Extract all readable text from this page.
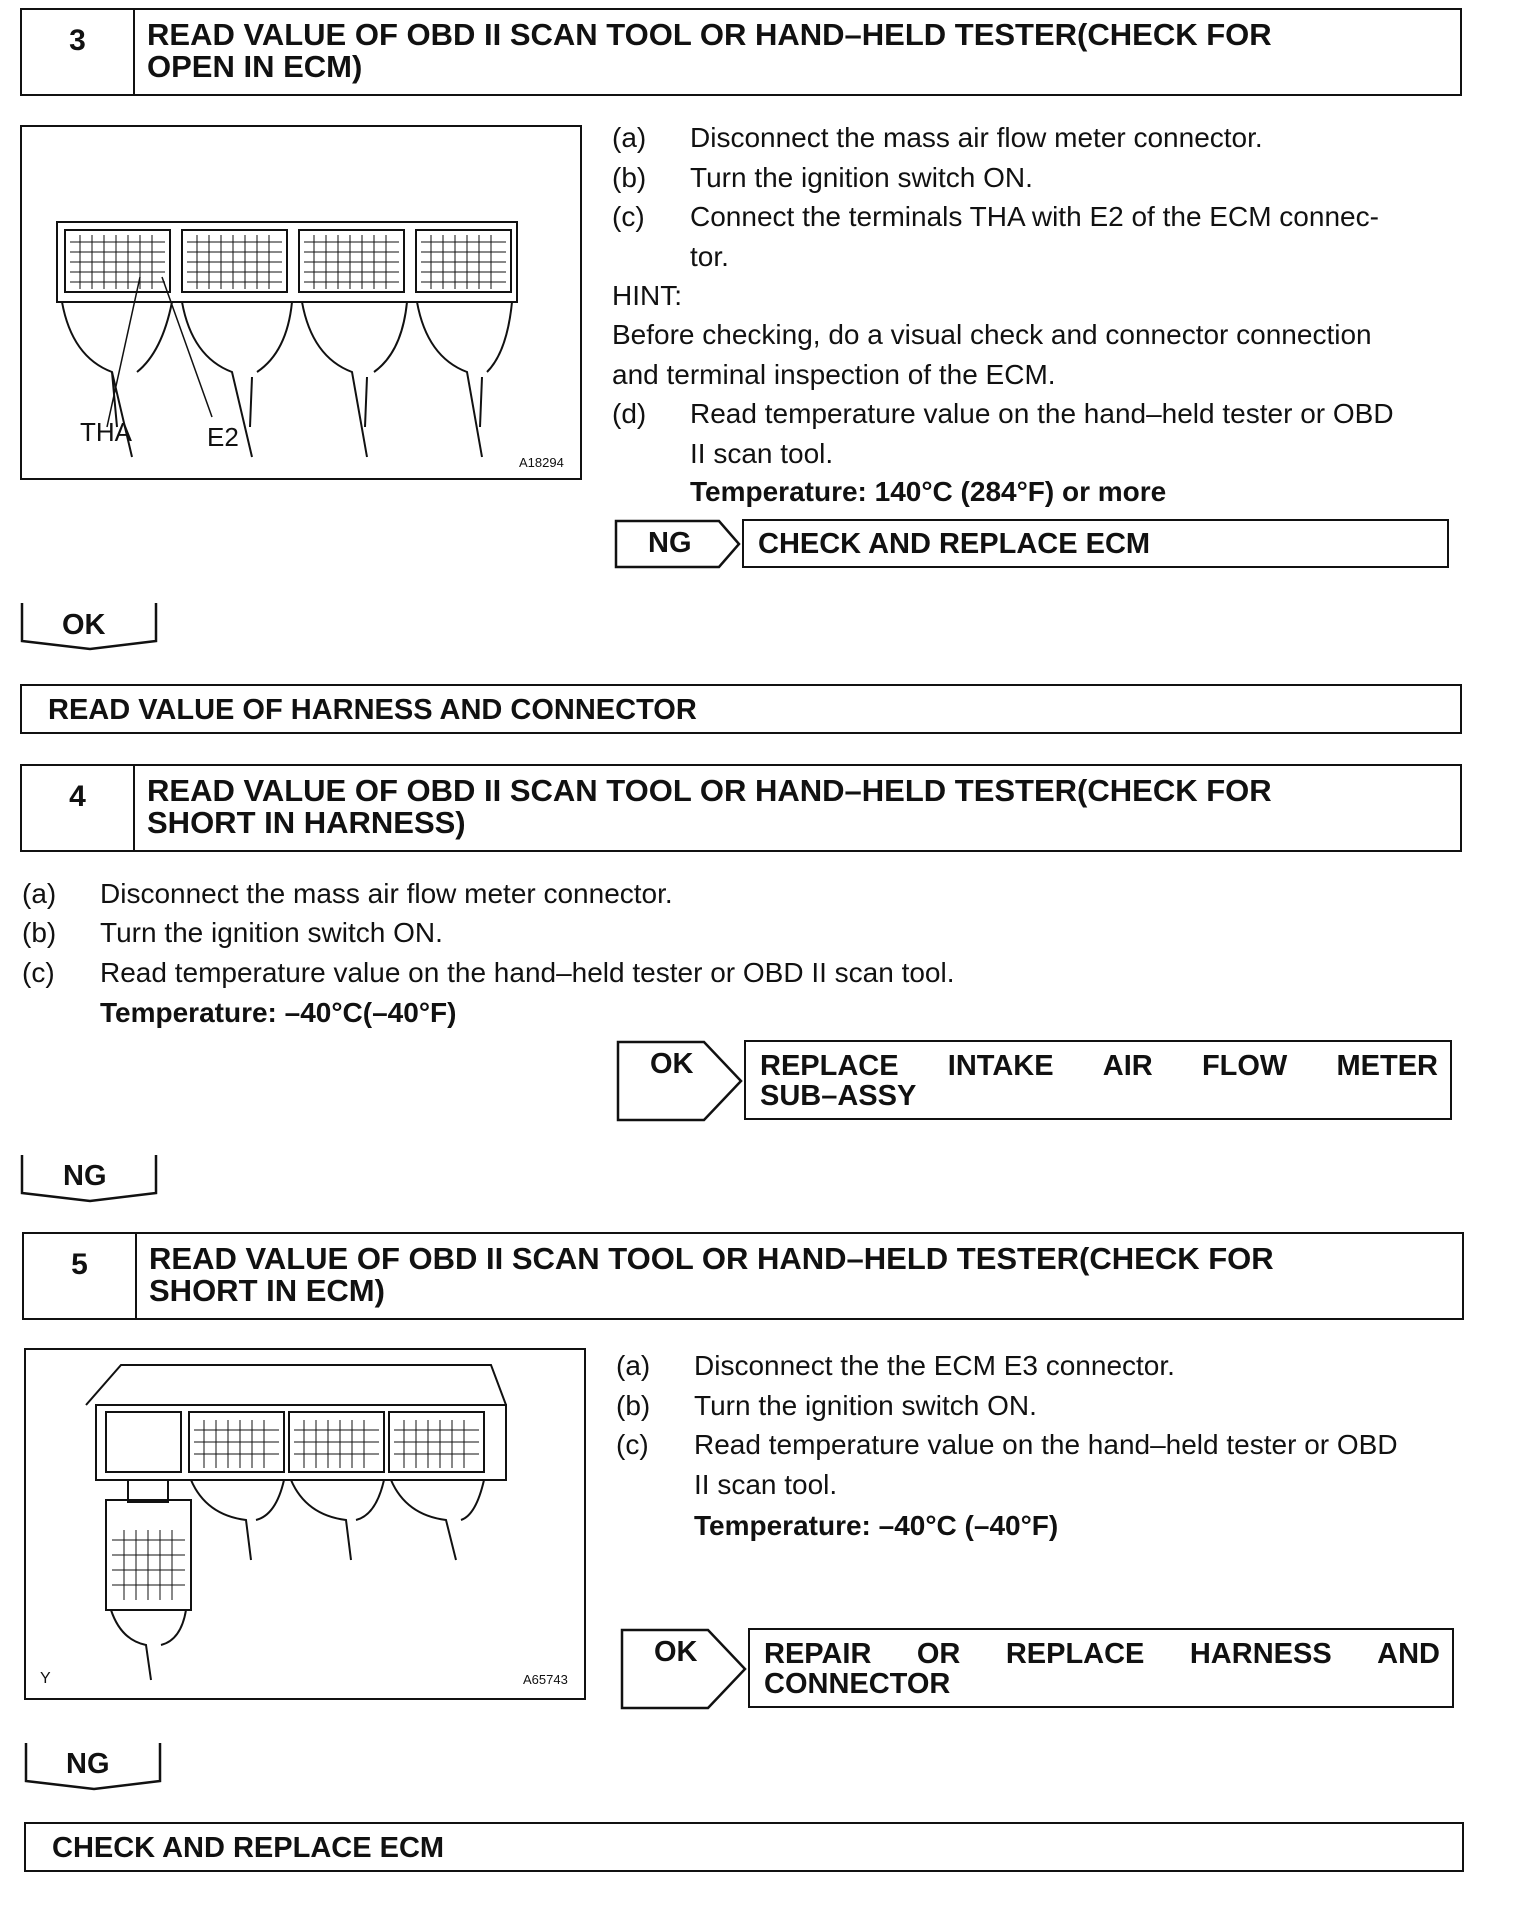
3	READ VALUE OF OBD II SCAN TOOL OR HAND–HELD TESTER(CHECK FOR
OPEN IN ECM)
THA	E2
A18294
(a) Disconnect the mass air flow meter connector.
(b) Turn the ignition switch ON.
(c) Connect the terminals THA with E2 of the ECM connec-
tor.
HINT:
Before checking, do a visual check and connector connection
and terminal inspection of the ECM.
(d) Read temperature value on the hand–held tester or OBD
II scan tool.
Temperature: 140°C (284°F) or more
NG	CHECK AND REPLACE ECM
OK
READ VALUE OF HARNESS AND CONNECTOR
4	READ VALUE OF OBD II SCAN TOOL OR HAND–HELD TESTER(CHECK FOR
SHORT IN HARNESS)
(a) Disconnect the mass air flow meter connector.
(b) Turn the ignition switch ON.
(c) Read temperature value on the hand–held tester or OBD II scan tool.
Temperature: –40°C(–40°F)
OK REPLACE INTAKE AIR FLOW METER
SUB–ASSY
NG
5	READ VALUE OF OBD II SCAN TOOL OR HAND–HELD TESTER(CHECK FOR
SHORT IN ECM)
Y	A65743
(a) Disconnect the the ECM E3 connector.
(b) Turn the ignition switch ON.
(c) Read temperature value on the hand–held tester or OBD
II scan tool.
Temperature: –40°C (–40°F)
OK REPAIR OR REPLACE HARNESS AND
CONNECTOR
NG
CHECK AND REPLACE ECM
